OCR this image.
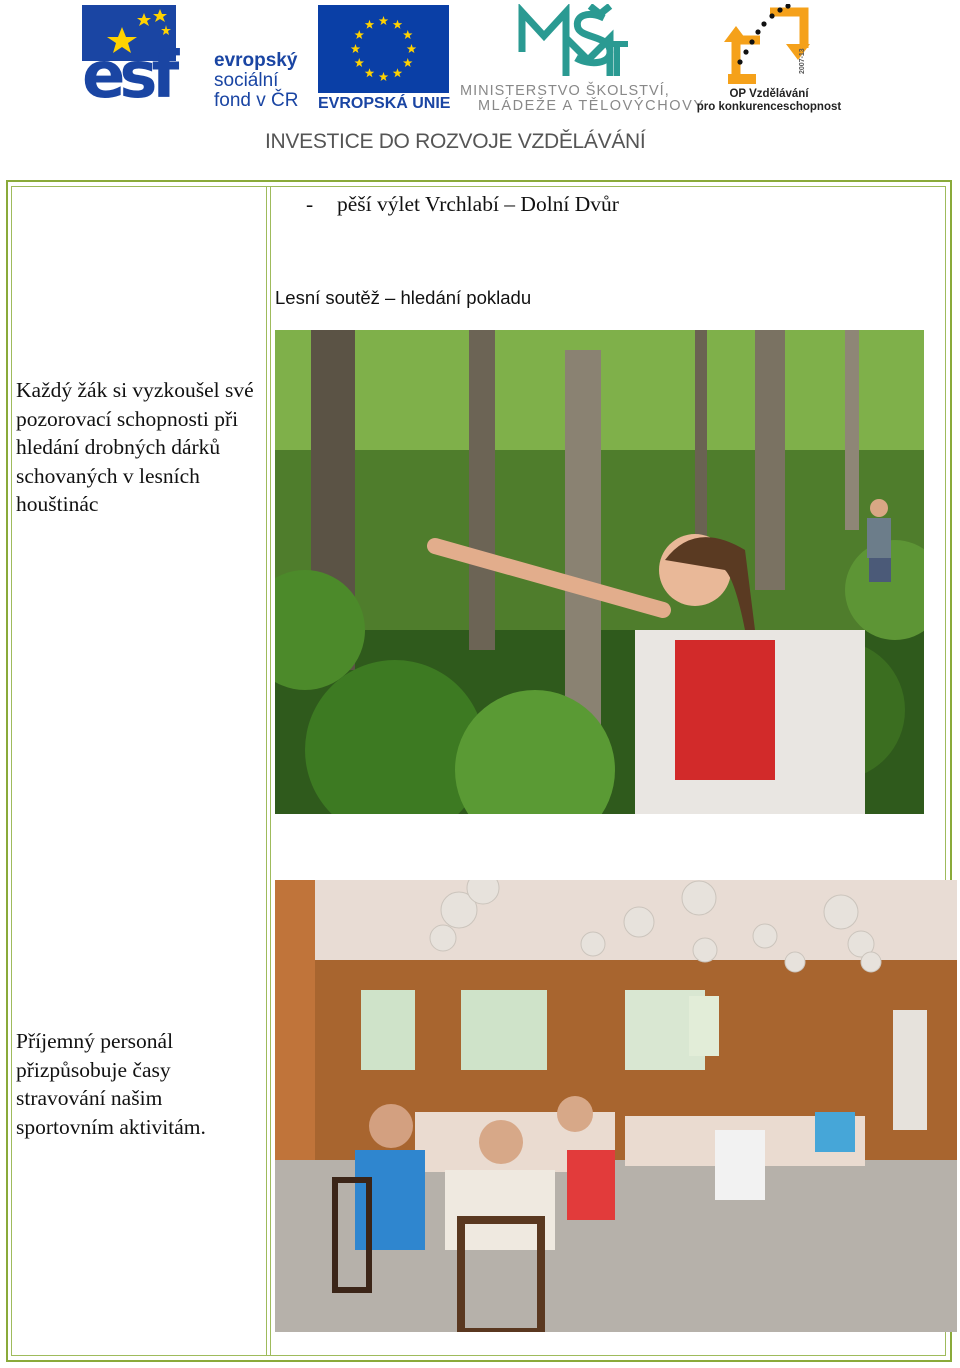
esf evropský
sociální
fond v ČR EVROPSKÁ UNIE
MINISTERSTVO ŠKOLSTVÍ,
MLÁDEŽE A TĚLOVÝCHOVY
2007-13
OP Vzdělávání
pro konkurenceschopnost
INVESTICE DO ROZVOJE VZDĚLÁVÁNÍ
- pěší výlet Vrchlabí – Dolní Dvůr
Lesní soutěž – hledání pokladu
Každý žák si vyzkoušel své pozorovací schopnosti při hledání drobných dárků schovaných v lesních houštinác
Příjemný personál přizpůsobuje časy stravování našim sportovním aktivitám.
